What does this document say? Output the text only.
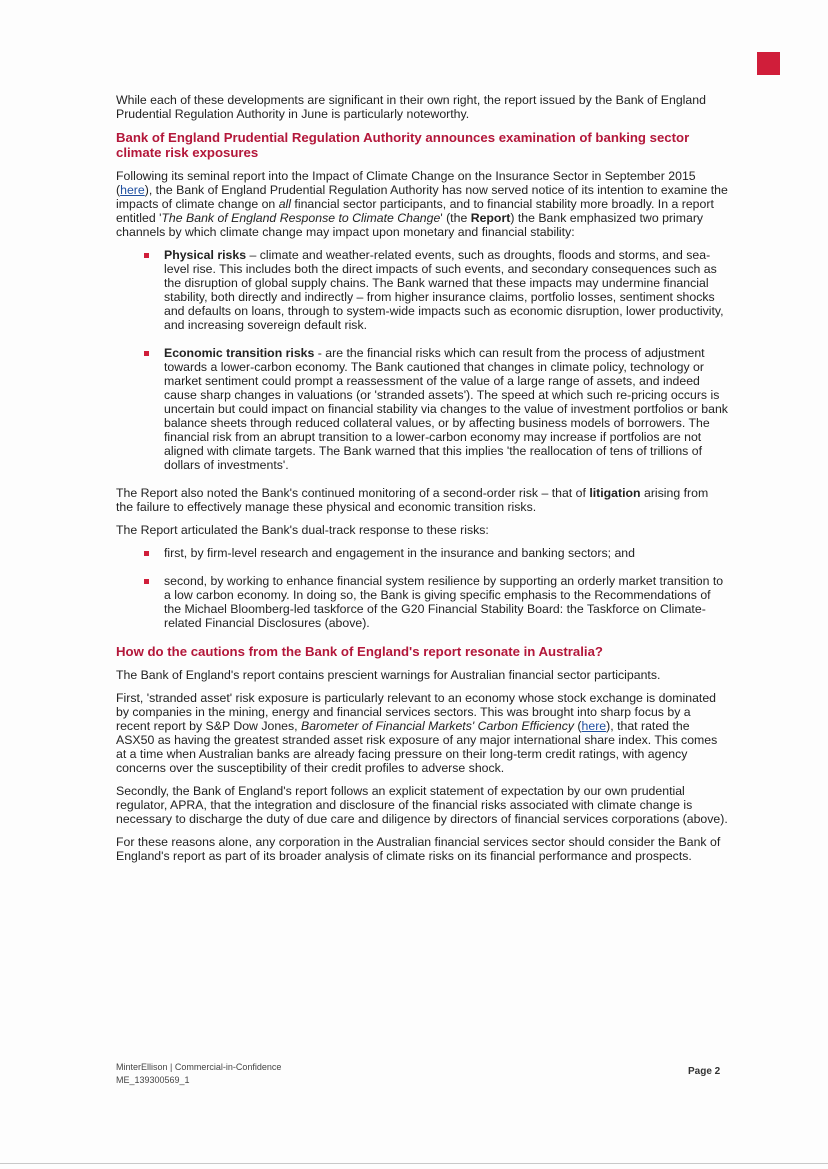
While each of these developments are significant in their own right, the report issued by the Bank of England Prudential Regulation Authority in June is particularly noteworthy.

Bank of England Prudential Regulation Authority announces examination of banking sector climate risk exposures

Following its seminal report into the Impact of Climate Change on the Insurance Sector in September 2015 (here), the Bank of England Prudential Regulation Authority has now served notice of its intention to examine the impacts of climate change on all financial sector participants, and to financial stability more broadly. In a report entitled 'The Bank of England Response to Climate Change' (the Report) the Bank emphasized two primary channels by which climate change may impact upon monetary and financial stability:

Physical risks – climate and weather-related events, such as droughts, floods and storms, and sea-level rise. This includes both the direct impacts of such events, and secondary consequences such as the disruption of global supply chains. The Bank warned that these impacts may undermine financial stability, both directly and indirectly – from higher insurance claims, portfolio losses, sentiment shocks and defaults on loans, through to system-wide impacts such as economic disruption, lower productivity, and increasing sovereign default risk.
Economic transition risks - are the financial risks which can result from the process of adjustment towards a lower-carbon economy. The Bank cautioned that changes in climate policy, technology or market sentiment could prompt a reassessment of the value of a large range of assets, and indeed cause sharp changes in valuations (or 'stranded assets'). The speed at which such re-pricing occurs is uncertain but could impact on financial stability via changes to the value of investment portfolios or bank balance sheets through reduced collateral values, or by affecting business models of borrowers. The financial risk from an abrupt transition to a lower-carbon economy may increase if portfolios are not aligned with climate targets. The Bank warned that this implies 'the reallocation of tens of trillions of dollars of investments'.

The Report also noted the Bank's continued monitoring of a second-order risk – that of litigation arising from the failure to effectively manage these physical and economic transition risks.

The Report articulated the Bank's dual-track response to these risks:

first, by firm-level research and engagement in the insurance and banking sectors; and
second, by working to enhance financial system resilience by supporting an orderly market transition to a low carbon economy. In doing so, the Bank is giving specific emphasis to the Recommendations of the Michael Bloomberg-led taskforce of the G20 Financial Stability Board: the Taskforce on Climate-related Financial Disclosures (above).
How do the cautions from the Bank of England's report resonate in Australia?

The Bank of England's report contains prescient warnings for Australian financial sector participants.

First, 'stranded asset' risk exposure is particularly relevant to an economy whose stock exchange is dominated by companies in the mining, energy and financial services sectors. This was brought into sharp focus by a recent report by S&P Dow Jones, Barometer of Financial Markets' Carbon Efficiency (here), that rated the ASX50 as having the greatest stranded asset risk exposure of any major international share index. This comes at a time when Australian banks are already facing pressure on their long-term credit ratings, with agency concerns over the susceptibility of their credit profiles to adverse shock.

Secondly, the Bank of England's report follows an explicit statement of expectation by our own prudential regulator, APRA, that the integration and disclosure of the financial risks associated with climate change is necessary to discharge the duty of due care and diligence by directors of financial services corporations (above).

For these reasons alone, any corporation in the Australian financial services sector should consider the Bank of England's report as part of its broader analysis of climate risks on its financial performance and prospects.

MinterEllison | Commercial-in-Confidence
ME_139300569_1
Page 2
